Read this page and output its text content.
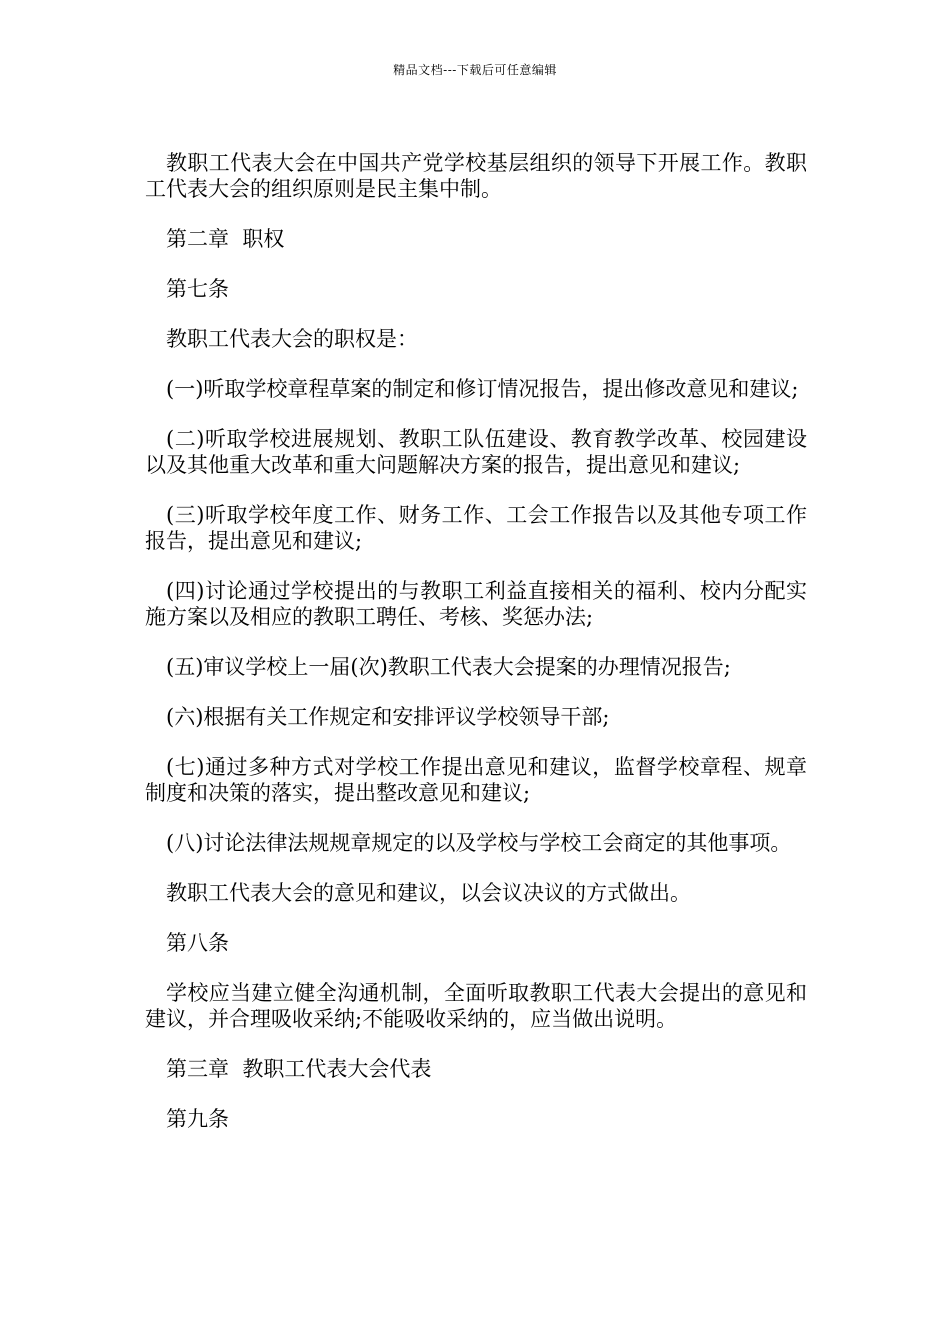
精品文档---下载后可任意编辑

教职工代表大会在中国共产党学校基层组织的领导下开展工作。教职工代表大会的组织原则是民主集中制。

第二章  职权

第七条

教职工代表大会的职权是：

(一)听取学校章程草案的制定和修订情况报告，提出修改意见和建议;

(二)听取学校进展规划、教职工队伍建设、教育教学改革、校园建设以及其他重大改革和重大问题解决方案的报告，提出意见和建议;

(三)听取学校年度工作、财务工作、工会工作报告以及其他专项工作报告，提出意见和建议;

(四)讨论通过学校提出的与教职工利益直接相关的福利、校内分配实施方案以及相应的教职工聘任、考核、奖惩办法;

(五)审议学校上一届(次)教职工代表大会提案的办理情况报告;

(六)根据有关工作规定和安排评议学校领导干部;

(七)通过多种方式对学校工作提出意见和建议，监督学校章程、规章制度和决策的落实，提出整改意见和建议;

(八)讨论法律法规规章规定的以及学校与学校工会商定的其他事项。

教职工代表大会的意见和建议，以会议决议的方式做出。

第八条

学校应当建立健全沟通机制，全面听取教职工代表大会提出的意见和建议，并合理吸收采纳;不能吸收采纳的，应当做出说明。

第三章  教职工代表大会代表

第九条
